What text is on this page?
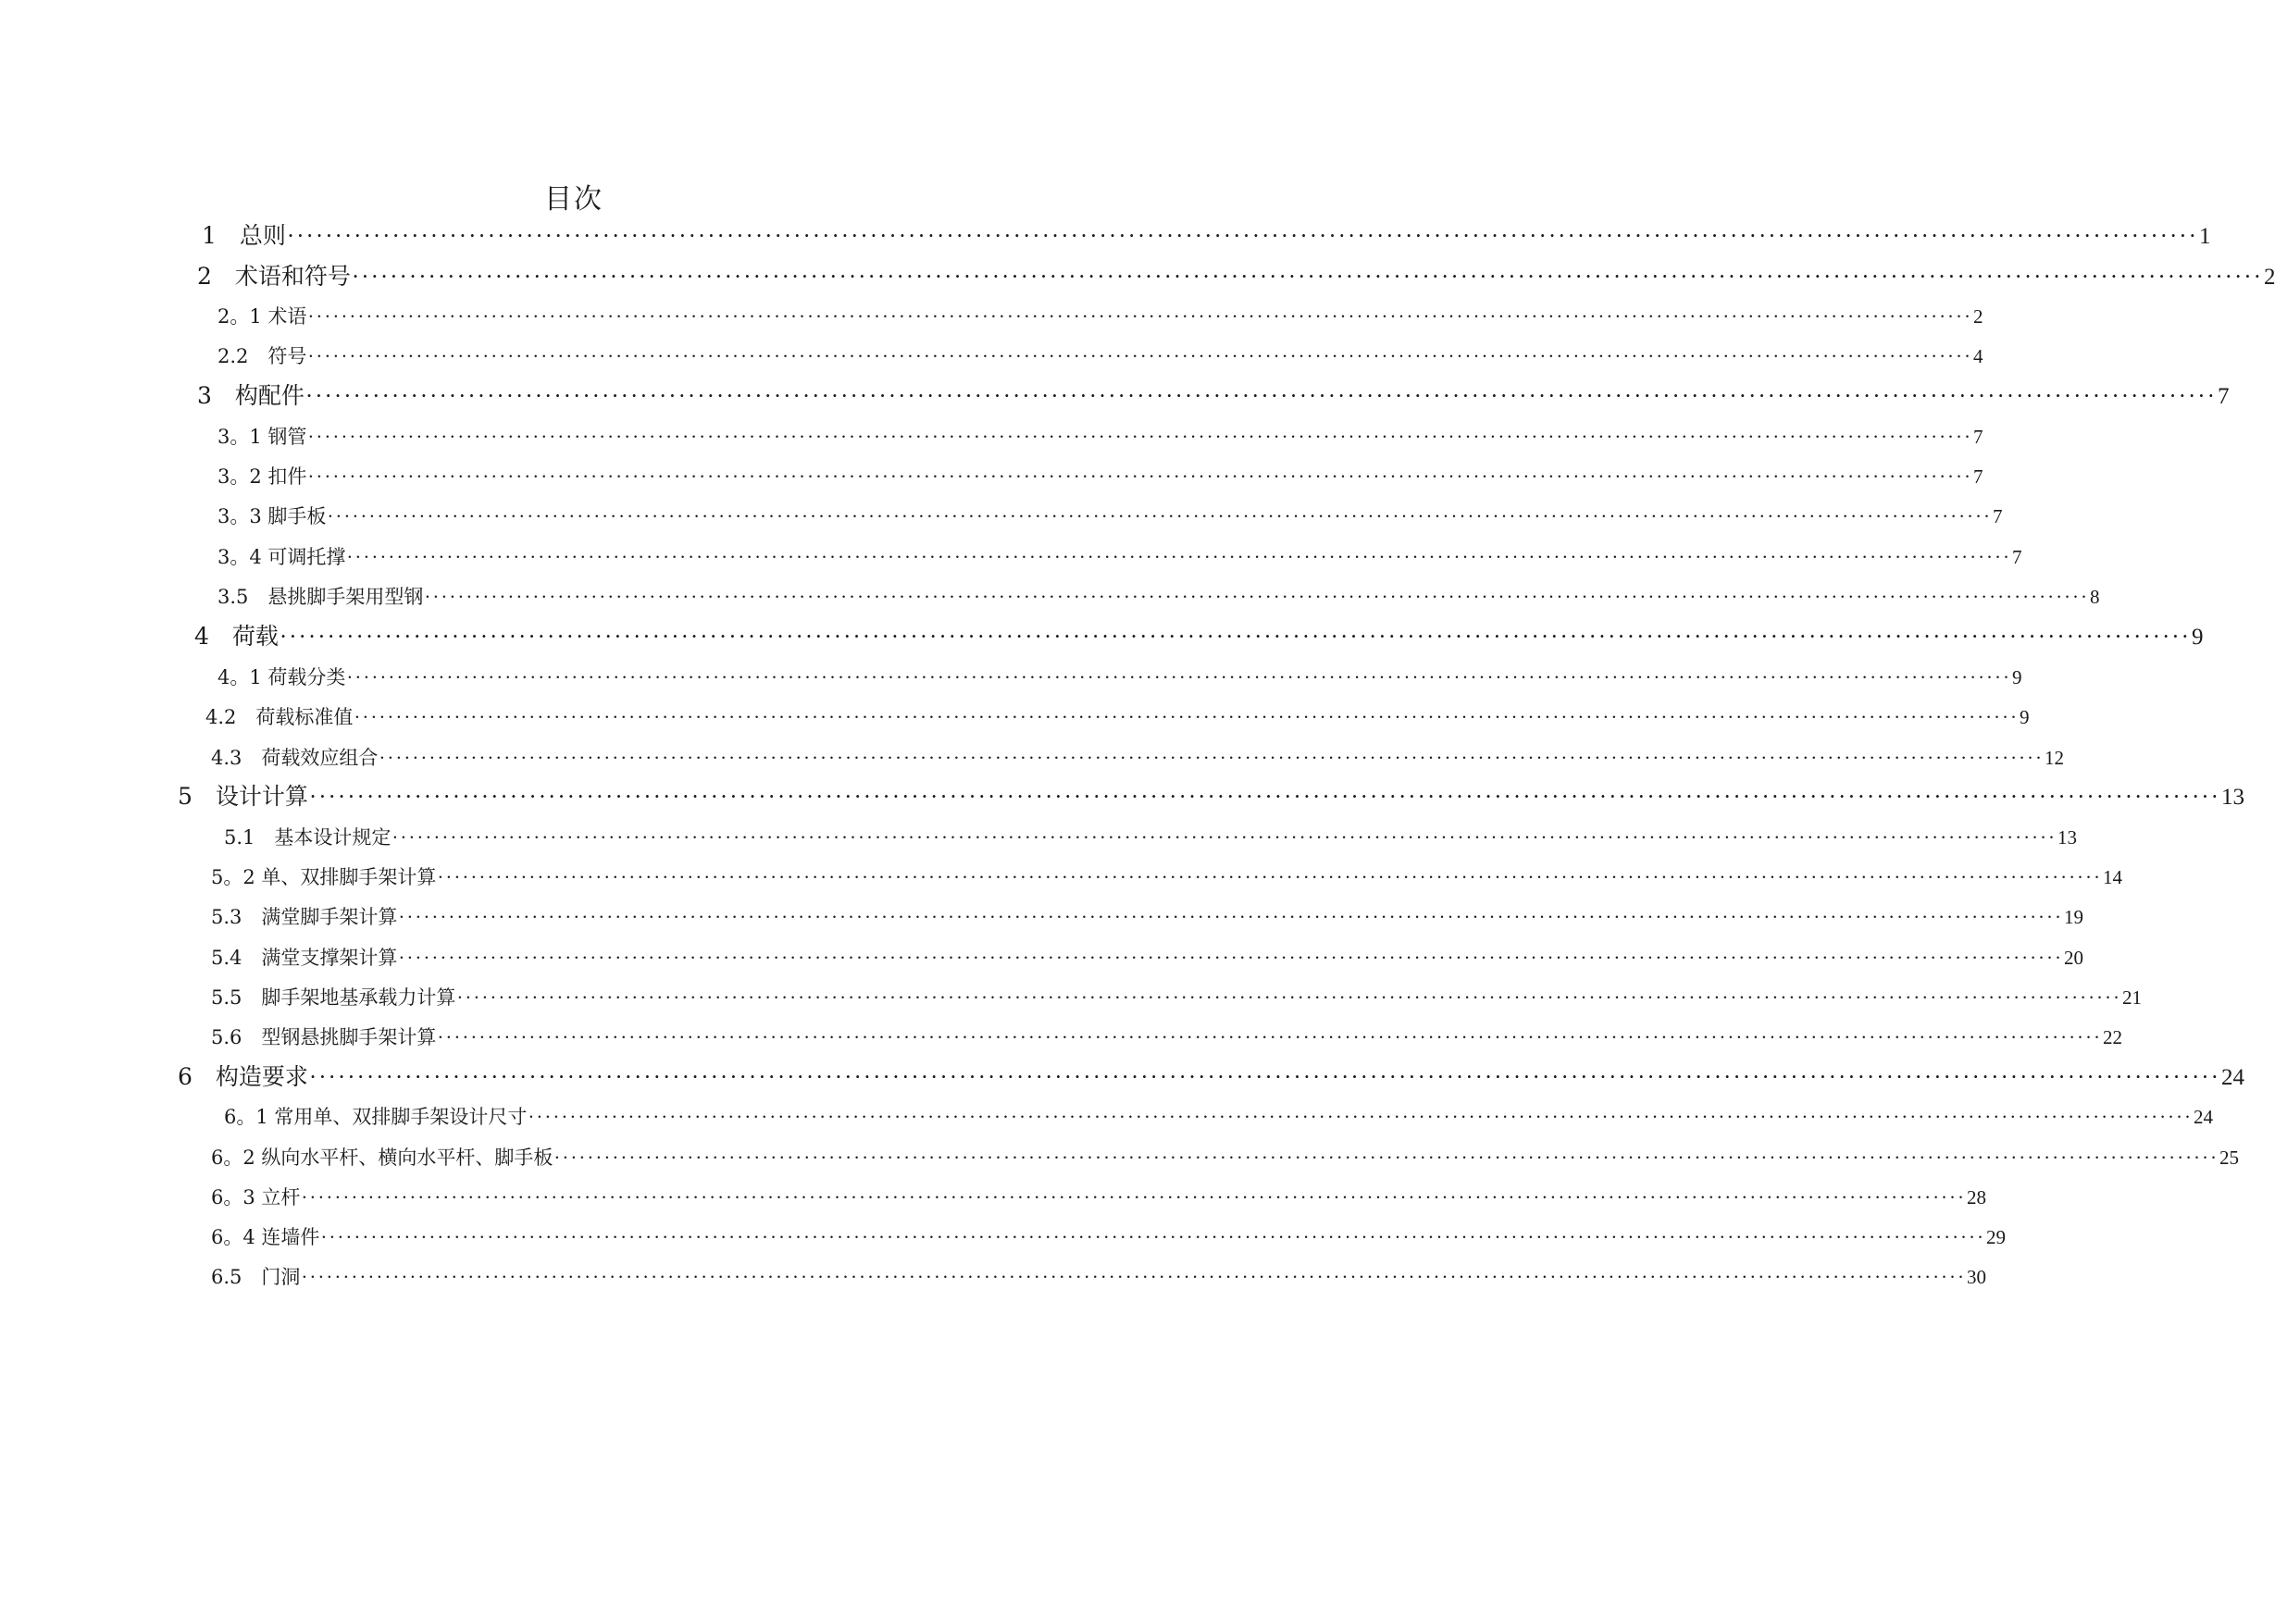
目次
1　总则 ········································································································································································································ 1
2　术语和符号 ········································································································································································································ 2
2。1 术语 ········································································································································································································ 2
2.2　符号 ········································································································································································································ 4
3　构配件 ········································································································································································································ 7
3。1 钢管 ········································································································································································································ 7
3。2 扣件 ········································································································································································································ 7
3。3 脚手板 ········································································································································································································ 7
3。4 可调托撑 ········································································································································································································ 7
3.5　悬挑脚手架用型钢 ········································································································································································································ 8
4　荷载 ········································································································································································································ 9
4。1 荷载分类 ········································································································································································································ 9
4.2　荷载标准值 ········································································································································································································ 9
4.3　荷载效应组合 ········································································································································································································ 12
5　设计计算 ········································································································································································································ 13
5.1　基本设计规定 ········································································································································································································ 13
5。2 单、双排脚手架计算 ········································································································································································································ 14
5.3　满堂脚手架计算 ········································································································································································································ 19
5.4　满堂支撑架计算 ········································································································································································································ 20
5.5　脚手架地基承载力计算 ········································································································································································································ 21
5.6　型钢悬挑脚手架计算 ········································································································································································································ 22
6　构造要求 ········································································································································································································ 24
6。1 常用单、双排脚手架设计尺寸 ········································································································································································································ 24
6。2 纵向水平杆、横向水平杆、脚手板 ········································································································································································································ 25
6。3 立杆 ········································································································································································································ 28
6。4 连墙件 ········································································································································································································ 29
6.5　门洞 ········································································································································································································ 30
